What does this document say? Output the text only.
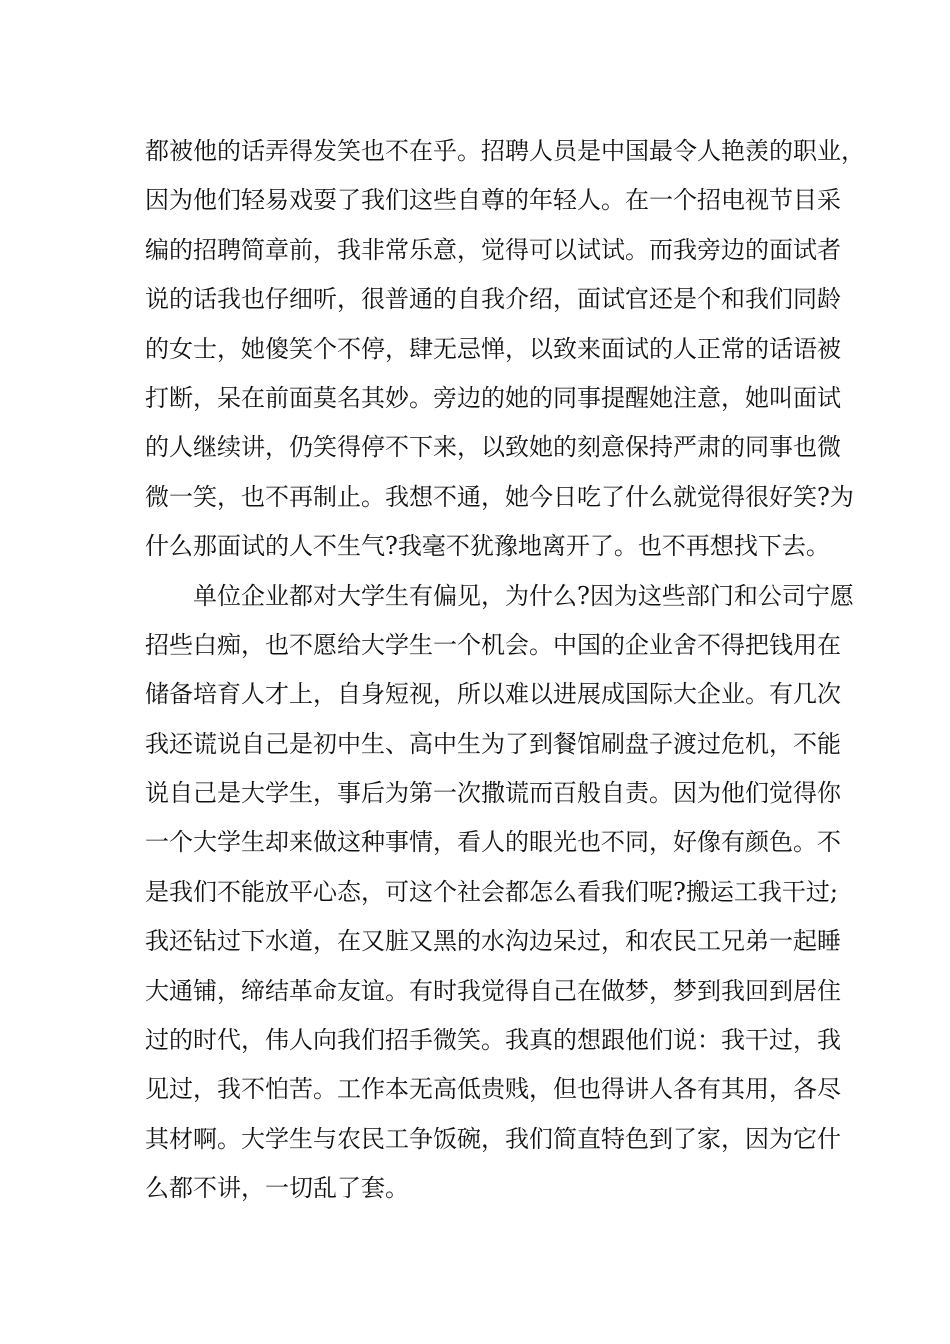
都被他的话弄得发笑也不在乎。招聘人员是中国最令人艳羡的职业，
因为他们轻易戏耍了我们这些自尊的年轻人。在一个招电视节目采
编的招聘简章前，我非常乐意，觉得可以试试。而我旁边的面试者
说的话我也仔细听，很普通的自我介绍，面试官还是个和我们同龄
的女士，她傻笑个不停，肆无忌惮，以致来面试的人正常的话语被
打断，呆在前面莫名其妙。旁边的她的同事提醒她注意，她叫面试
的人继续讲，仍笑得停不下来，以致她的刻意保持严肃的同事也微
微一笑，也不再制止。我想不通，她今日吃了什么就觉得很好笑?为
什么那面试的人不生气?我毫不犹豫地离开了。也不再想找下去。
　　单位企业都对大学生有偏见，为什么?因为这些部门和公司宁愿
招些白痴，也不愿给大学生一个机会。中国的企业舍不得把钱用在
储备培育人才上，自身短视，所以难以进展成国际大企业。有几次
我还谎说自己是初中生、高中生为了到餐馆刷盘子渡过危机，不能
说自己是大学生，事后为第一次撒谎而百般自责。因为他们觉得你
一个大学生却来做这种事情，看人的眼光也不同，好像有颜色。不
是我们不能放平心态，可这个社会都怎么看我们呢?搬运工我干过;
我还钻过下水道，在又脏又黑的水沟边呆过，和农民工兄弟一起睡
大通铺，缔结革命友谊。有时我觉得自己在做梦，梦到我回到居住
过的时代，伟人向我们招手微笑。我真的想跟他们说：我干过，我
见过，我不怕苦。工作本无高低贵贱，但也得讲人各有其用，各尽
其材啊。大学生与农民工争饭碗，我们简直特色到了家，因为它什
么都不讲，一切乱了套。
